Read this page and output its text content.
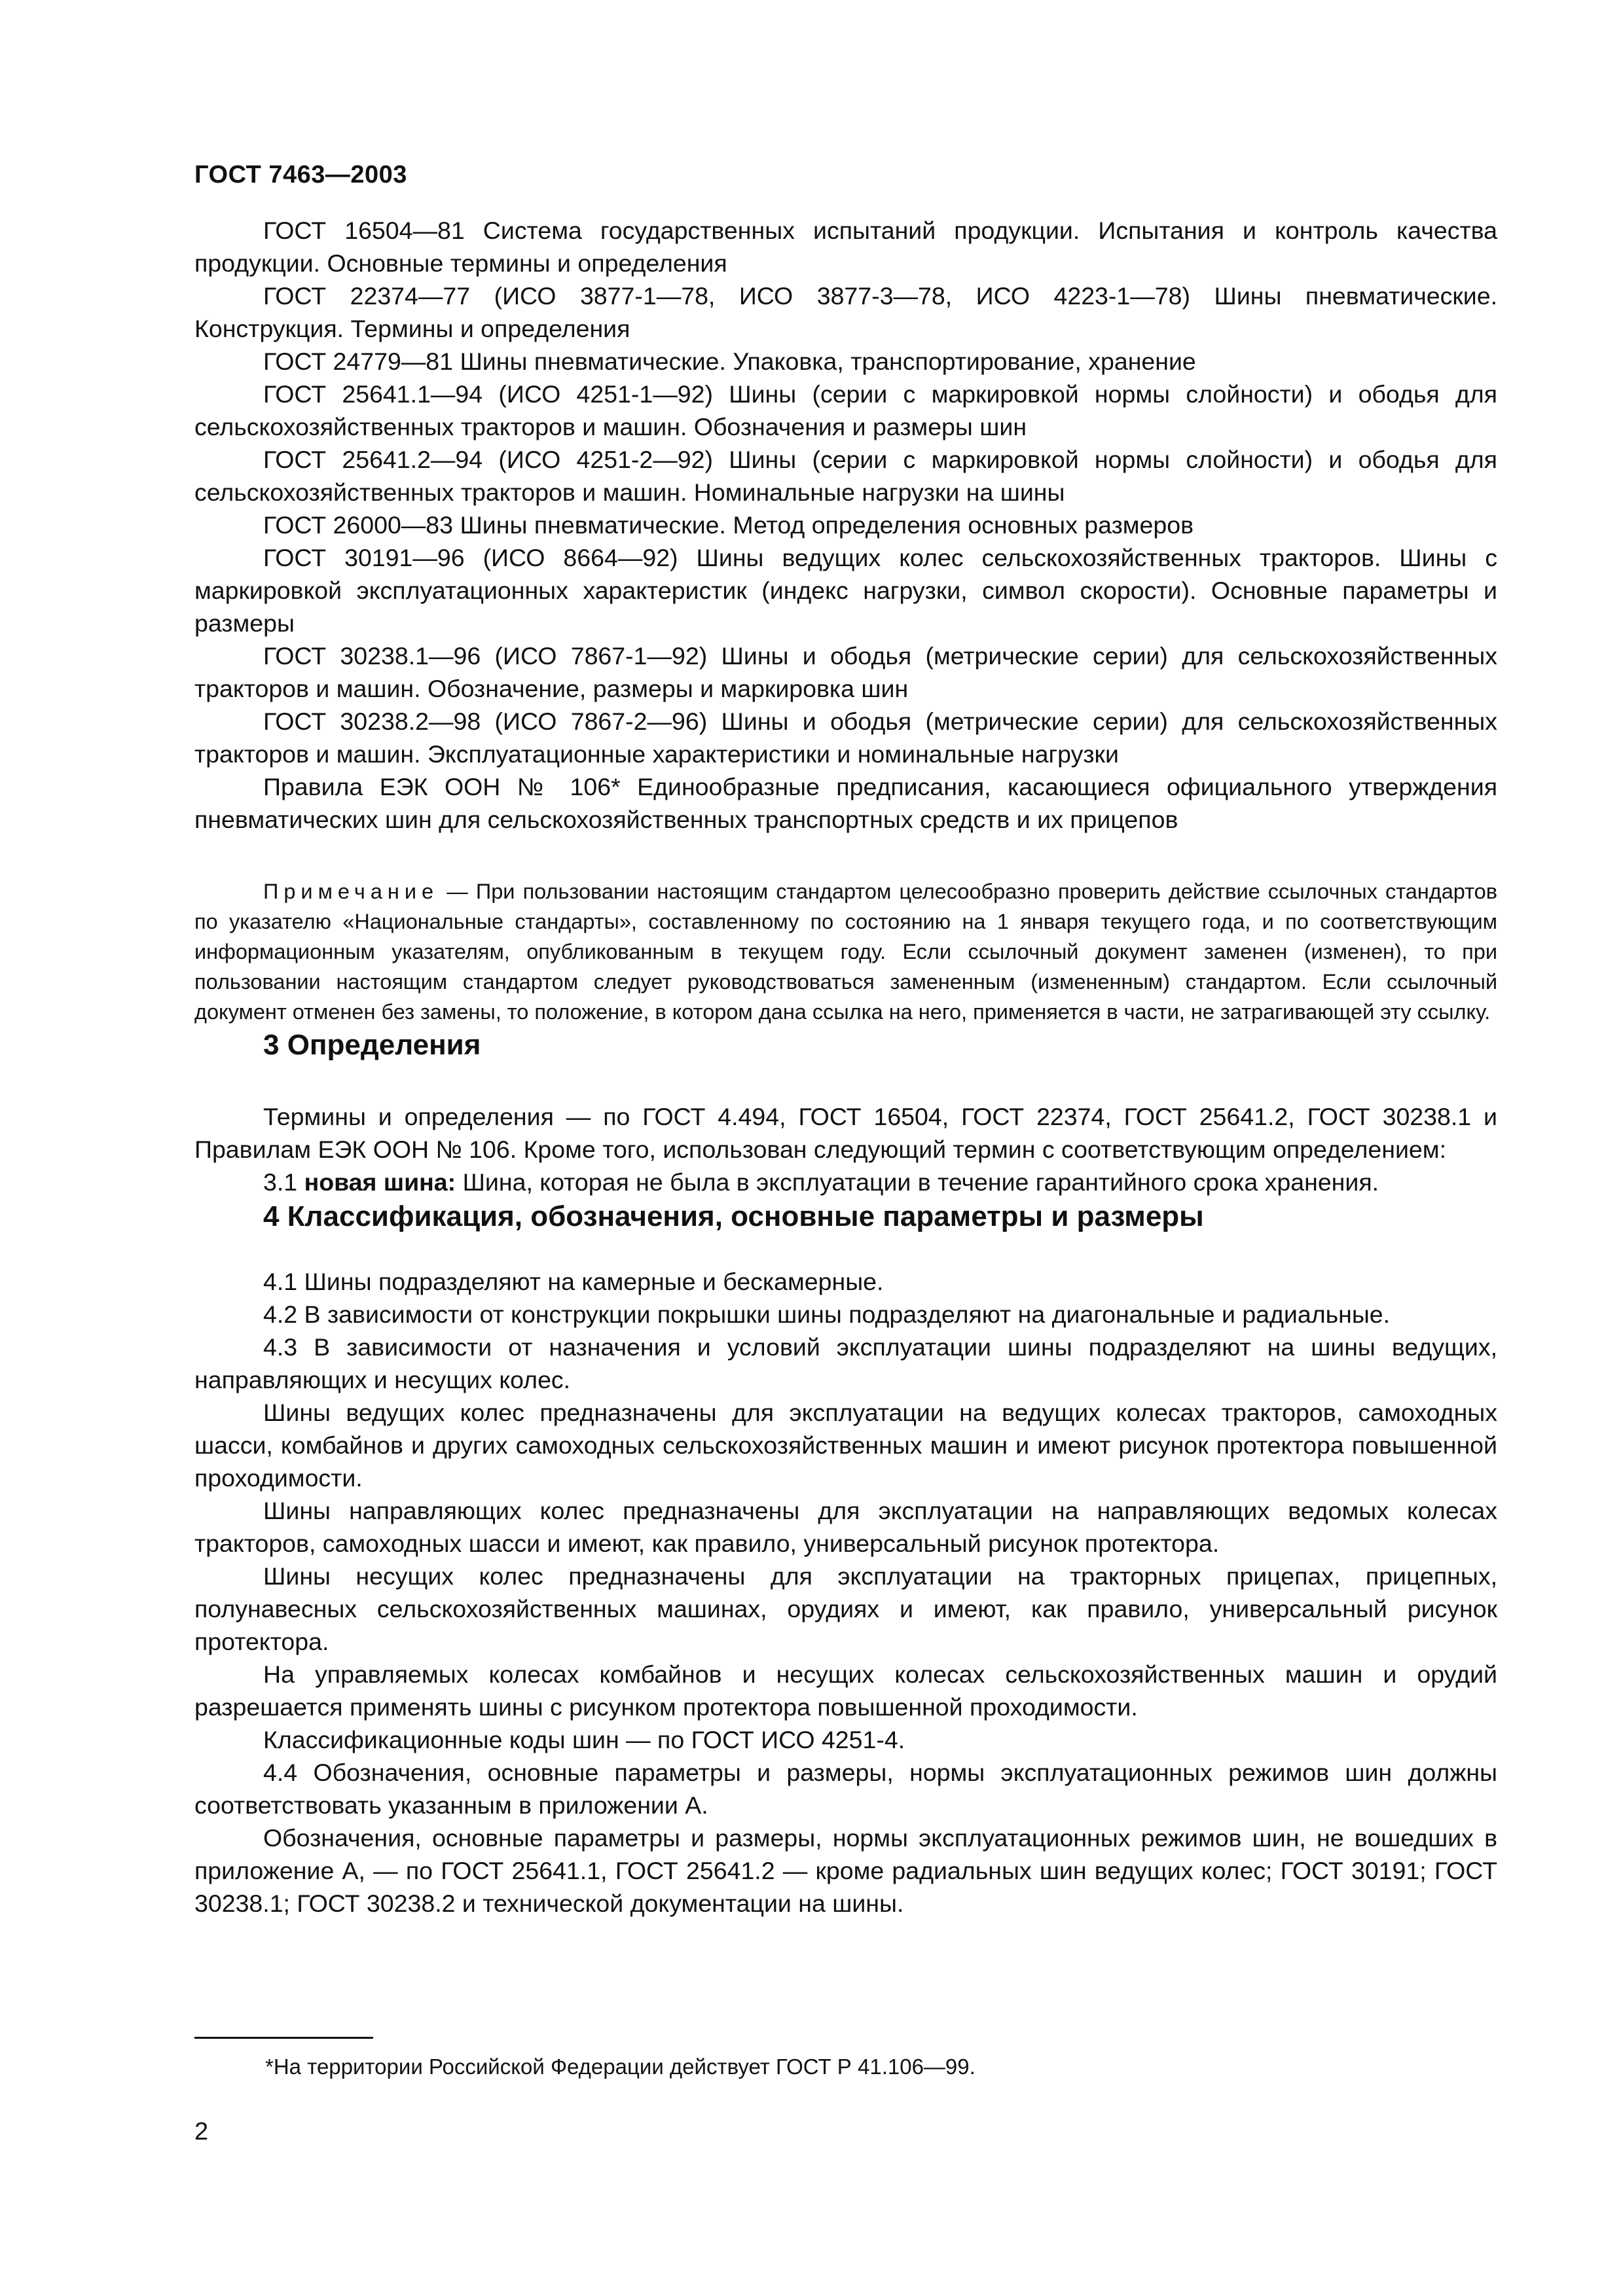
ГОСТ 7463—2003

ГОСТ 16504—81 Система государственных испытаний продукции. Испытания и контроль качества продукции. Основные термины и определения

ГОСТ 22374—77 (ИСО 3877-1—78, ИСО 3877-3—78, ИСО 4223-1—78) Шины пневматические. Конструкция. Термины и определения

ГОСТ 24779—81 Шины пневматические. Упаковка, транспортирование, хранение

ГОСТ 25641.1—94 (ИСО 4251-1—92) Шины (серии с маркировкой нормы слойности) и ободья для сельскохозяйственных тракторов и машин. Обозначения и размеры шин

ГОСТ 25641.2—94 (ИСО 4251-2—92) Шины (серии с маркировкой нормы слойности) и ободья для сельскохозяйственных тракторов и машин. Номинальные нагрузки на шины

ГОСТ 26000—83 Шины пневматические. Метод определения основных размеров

ГОСТ 30191—96 (ИСО 8664—92) Шины ведущих колес сельскохозяйственных тракторов. Шины с маркировкой эксплуатационных характеристик (индекс нагрузки, символ скорости). Основные параметры и размеры

ГОСТ 30238.1—96 (ИСО 7867-1—92) Шины и ободья (метрические серии) для сельскохозяйственных тракторов и машин. Обозначение, размеры и маркировка шин

ГОСТ 30238.2—98 (ИСО 7867-2—96) Шины и ободья (метрические серии) для сельскохозяйственных тракторов и машин. Эксплуатационные характеристики и номинальные нагрузки

Правила ЕЭК ООН № 106* Единообразные предписания, касающиеся официального утверждения пневматических шин для сельскохозяйственных транспортных средств и их прицепов

Примечание — При пользовании настоящим стандартом целесообразно проверить действие ссылочных стандартов по указателю «Национальные стандарты», составленному по состоянию на 1 января текущего года, и по соответствующим информационным указателям, опубликованным в текущем году. Если ссылочный документ заменен (изменен), то при пользовании настоящим стандартом следует руководствоваться замененным (измененным) стандартом. Если ссылочный документ отменен без замены, то положение, в котором дана ссылка на него, применяется в части, не затрагивающей эту ссылку.

3 Определения

Термины и определения — по ГОСТ 4.494, ГОСТ 16504, ГОСТ 22374, ГОСТ 25641.2, ГОСТ 30238.1 и Правилам ЕЭК ООН № 106. Кроме того, использован следующий термин с соответствующим определением:

3.1 новая шина: Шина, которая не была в эксплуатации в течение гарантийного срока хранения.

4 Классификация, обозначения, основные параметры и размеры

4.1 Шины подразделяют на камерные и бескамерные.

4.2 В зависимости от конструкции покрышки шины подразделяют на диагональные и радиальные.

4.3 В зависимости от назначения и условий эксплуатации шины подразделяют на шины ведущих, направляющих и несущих колес.

Шины ведущих колес предназначены для эксплуатации на ведущих колесах тракторов, самоходных шасси, комбайнов и других самоходных сельскохозяйственных машин и имеют рисунок протектора повышенной проходимости.

Шины направляющих колес предназначены для эксплуатации на направляющих ведомых колесах тракторов, самоходных шасси и имеют, как правило, универсальный рисунок протектора.

Шины несущих колес предназначены для эксплуатации на тракторных прицепах, прицепных, полунавесных сельскохозяйственных машинах, орудиях и имеют, как правило, универсальный рисунок протектора.

На управляемых колесах комбайнов и несущих колесах сельскохозяйственных машин и орудий разрешается применять шины с рисунком протектора повышенной проходимости.

Классификационные коды шин — по ГОСТ ИСО 4251-4.

4.4 Обозначения, основные параметры и размеры, нормы эксплуатационных режимов шин должны соответствовать указанным в приложении А.

Обозначения, основные параметры и размеры, нормы эксплуатационных режимов шин, не вошедших в приложение А, — по ГОСТ 25641.1, ГОСТ 25641.2 — кроме радиальных шин ведущих колес; ГОСТ 30191; ГОСТ 30238.1; ГОСТ 30238.2 и технической документации на шины.

*На территории Российской Федерации действует ГОСТ Р 41.106—99.
2
